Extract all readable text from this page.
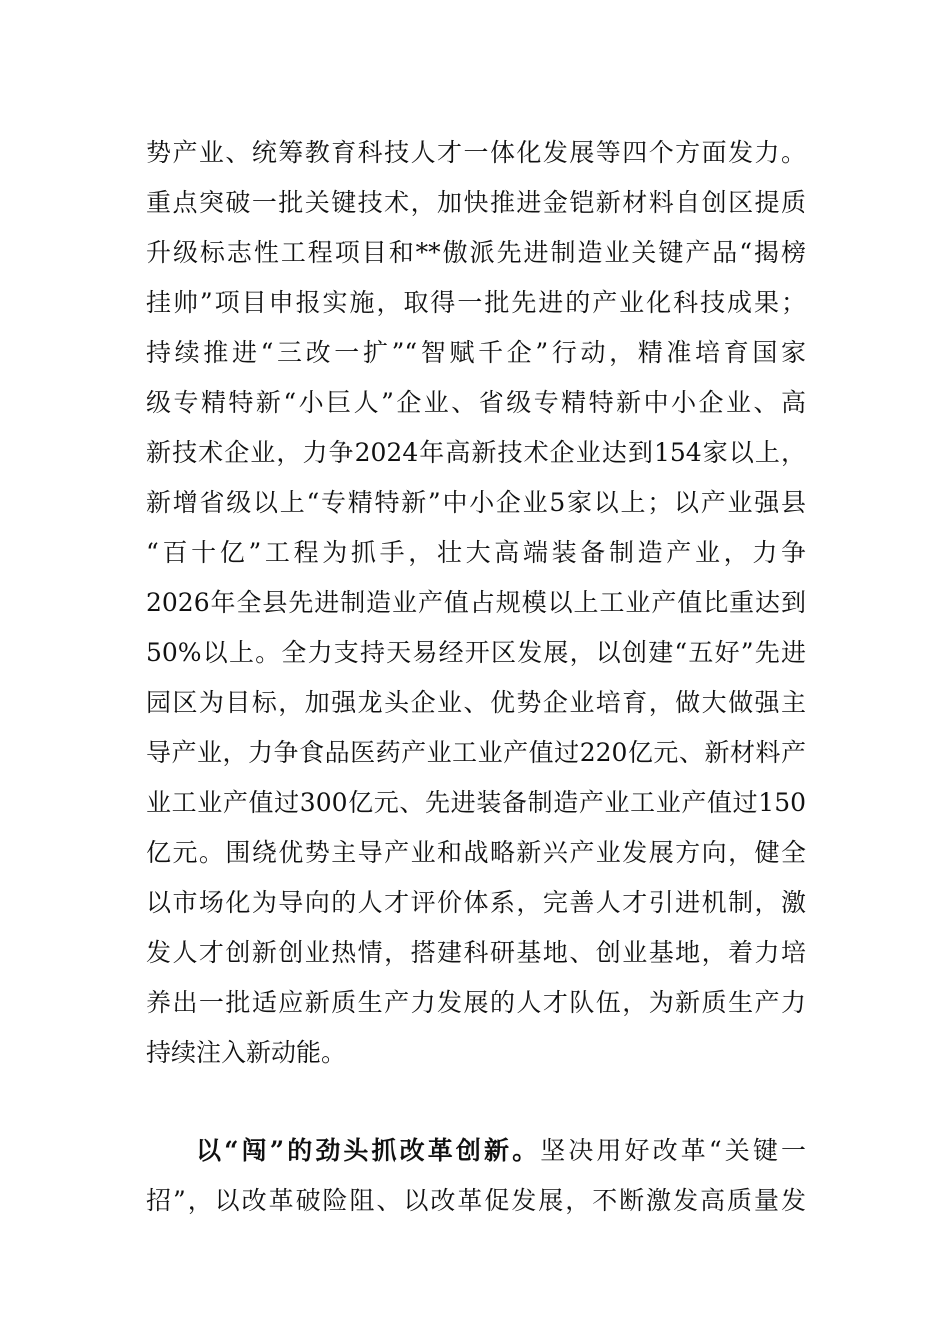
势产业、统筹教育科技人才一体化发展等四个方面发力。
重点突破一批关键技术，加快推进金铠新材料自创区提质
升级标志性工程项目和**傲派先进制造业关键产品“揭榜
挂帅”项目申报实施，取得一批先进的产业化科技成果；
持续推进“三改一扩”“智赋千企”行动，精准培育国家
级专精特新“小巨人”企业、省级专精特新中小企业、高
新技术企业，力争2024年高新技术企业达到154家以上，
新增省级以上“专精特新”中小企业5家以上；以产业强县
“百十亿”工程为抓手，壮大高端装备制造产业，力争
2026年全县先进制造业产值占规模以上工业产值比重达到
50%以上。全力支持天易经开区发展，以创建“五好”先进
园区为目标，加强龙头企业、优势企业培育，做大做强主
导产业，力争食品医药产业工业产值过220亿元、新材料产
业工业产值过300亿元、先进装备制造产业工业产值过150
亿元。围绕优势主导产业和战略新兴产业发展方向，健全
以市场化为导向的人才评价体系，完善人才引进机制，激
发人才创新创业热情，搭建科研基地、创业基地，着力培
养出一批适应新质生产力发展的人才队伍，为新质生产力
持续注入新动能。
以“闯”的劲头抓改革创新。坚决用好改革“关键一
招”，以改革破险阻、以改革促发展，不断激发高质量发
